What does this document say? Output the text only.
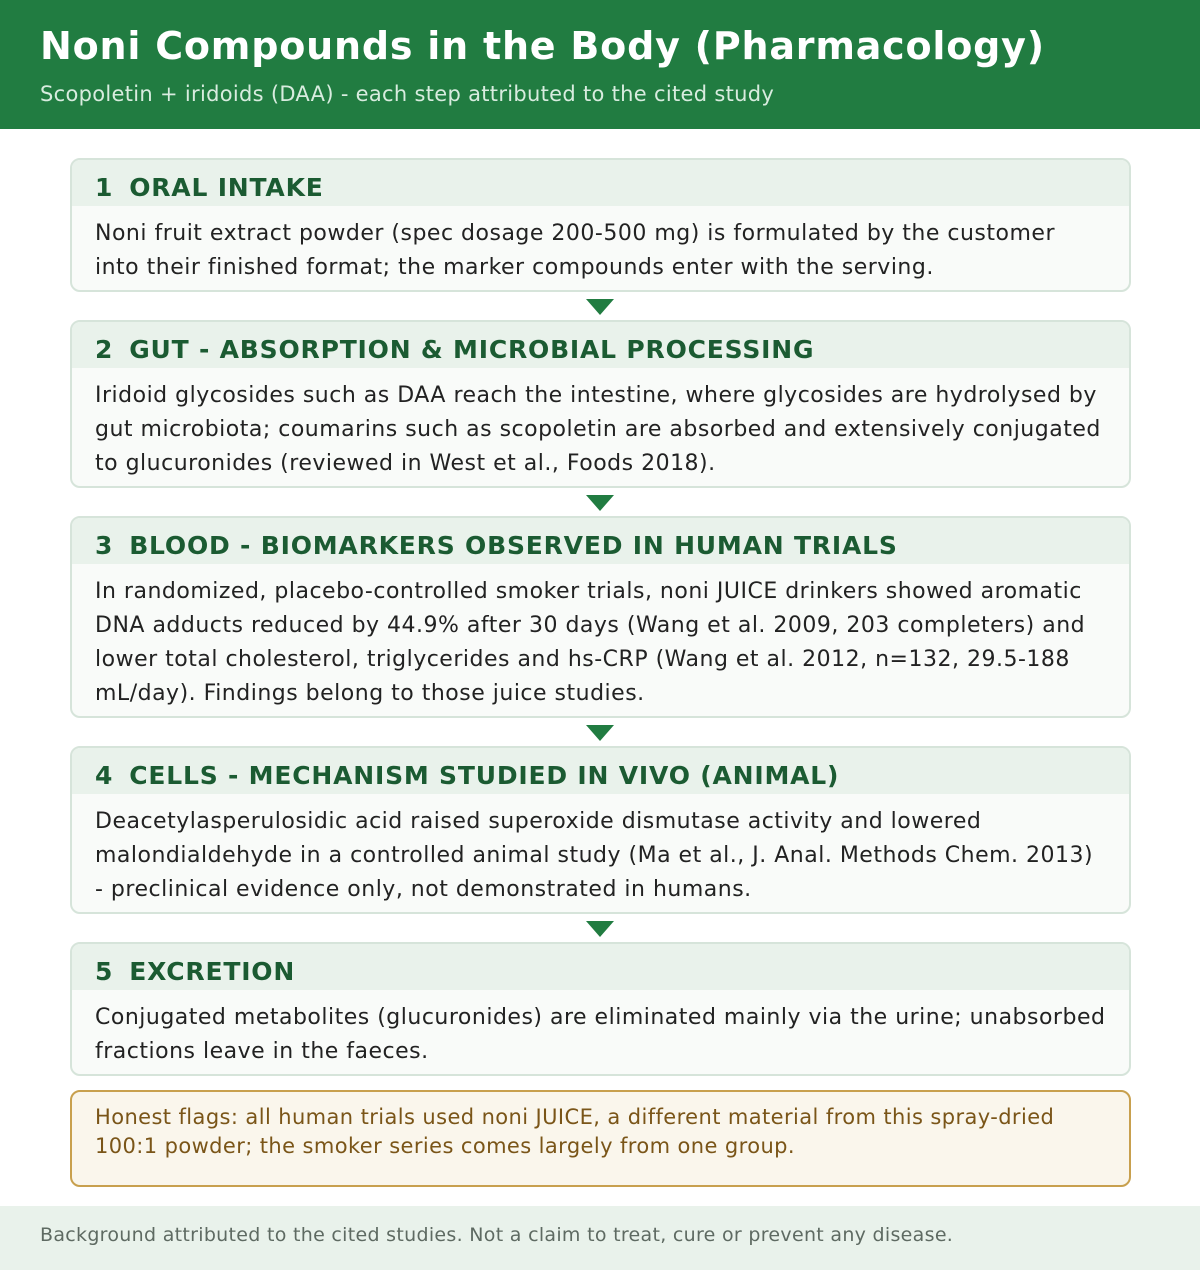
Noni Compounds in the Body (Pharmacology)
Scopoletin + iridoids (DAA) - each step attributed to the cited study
1 ORAL INTAKE
Noni fruit extract powder (spec dosage 200-500 mg) is formulated by the customer into their finished format; the marker compounds enter with the serving.
2 GUT - ABSORPTION & MICROBIAL PROCESSING
Iridoid glycosides such as DAA reach the intestine, where glycosides are hydrolysed by gut microbiota; coumarins such as scopoletin are absorbed and extensively conjugated to glucuronides (reviewed in West et al., Foods 2018).
3 BLOOD - BIOMARKERS OBSERVED IN HUMAN TRIALS
In randomized, placebo-controlled smoker trials, noni JUICE drinkers showed aromatic DNA adducts reduced by 44.9% after 30 days (Wang et al. 2009, 203 completers) and lower total cholesterol, triglycerides and hs-CRP (Wang et al. 2012, n=132, 29.5-188 mL/day). Findings belong to those juice studies.
4 CELLS - MECHANISM STUDIED IN VIVO (ANIMAL)
Deacetylasperulosidic acid raised superoxide dismutase activity and lowered malondialdehyde in a controlled animal study (Ma et al., J. Anal. Methods Chem. 2013) - preclinical evidence only, not demonstrated in humans.
5 EXCRETION
Conjugated metabolites (glucuronides) are eliminated mainly via the urine; unabsorbed fractions leave in the faeces.
Honest flags: all human trials used noni JUICE, a different material from this spray-dried 100:1 powder; the smoker series comes largely from one group.
Background attributed to the cited studies. Not a claim to treat, cure or prevent any disease.
